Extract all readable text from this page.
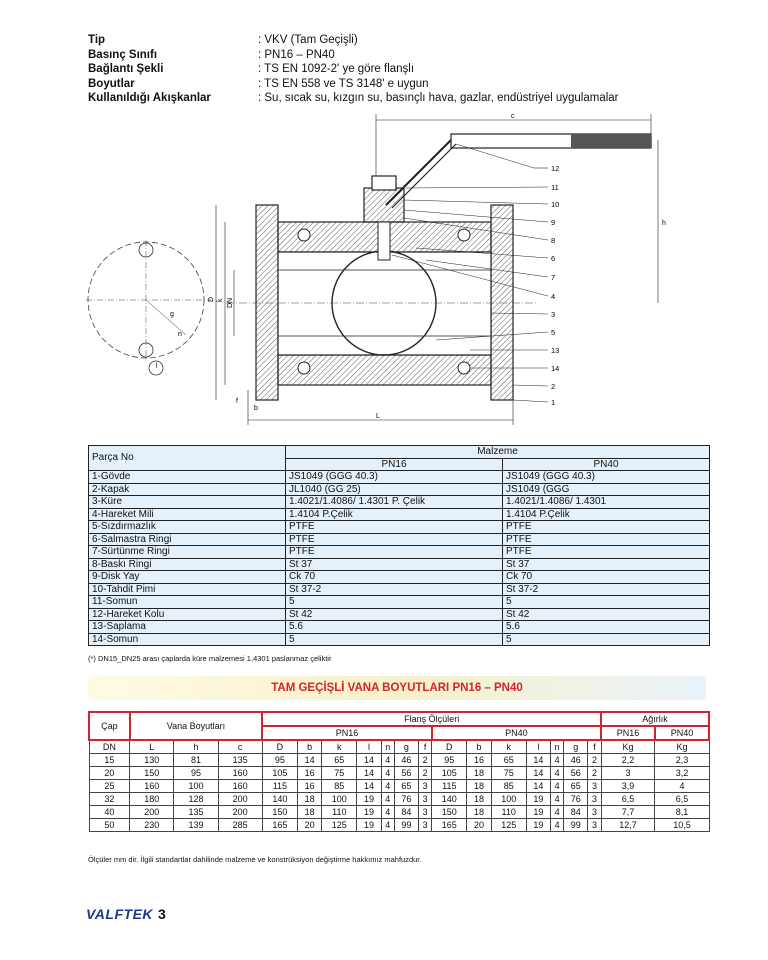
Tip	: VKV (Tam Geçişli)
Basınç Sınıfı	: PN16 – PN40
Bağlantı Şekli	: TS EN 1092-2' ye göre flanşlı
Boyutlar	: TS EN 558 ve TS 3148' e uygun
Kullanıldığı Akışkanlar	: Su, sıcak su, kızgın su, basınçlı hava, gazlar, endüstriyel uygulamalar
c
h
L
b
f
D k DN
g
l
n
12
11
10
9
8
6
7
4
3
5
13
14
2
1
Parça No	Malzeme	
	PN16	PN40
1-Gövde	JS1049 (GGG 40.3)	JS1049 (GGG 40.3)
2-Kapak	JL1040 (GG 25)	JS1049 (GGG
3-Küre	1.4021/1.4086/ 1.4301 P. Çelik	1.4021/1.4086/ 1.4301
4-Hareket Mili	1.4104 P.Çelik	1.4104 P.Çelik
5-Sızdırmazlık	PTFE	PTFE
6-Salmastra Ringi	PTFE	PTFE
7-Sürtünme Ringi	PTFE	PTFE
8-Baskı Ringi	St 37	St 37
9-Disk Yay	Ck 70	Ck 70
10-Tahdit Pimi	St 37-2	St 37-2
11-Somun	5	5
12-Hareket Kolu	St 42	St 42
13-Saplama	5.6	5.6
14-Somun	5	5
(*) DN15_DN25 arası çaplarda küre malzemesi 1,4301 paslanmaz çeliktir
TAM GEÇİŞLİ VANA BOYUTLARI PN16 – PN40
Çap	Vana Boyutları			Flanş Ölçüleri														Ağırlık	
				PN16							PN40							PN16	PN40
DN	L	h	c	D	b	k	l	n	g	f	D	b	k	l	n	g	f	Kg	Kg
15	130	81	135	95	14	65	14	4	46	2	95	16	65	14	4	46	2	2,2	2,3
20	150	95	160	105	16	75	14	4	56	2	105	18	75	14	4	56	2	3	3,2
25	160	100	160	115	16	85	14	4	65	3	115	18	85	14	4	65	3	3,9	4
32	180	128	200	140	18	100	19	4	76	3	140	18	100	19	4	76	3	6,5	6,5
40	200	135	200	150	18	110	19	4	84	3	150	18	110	19	4	84	3	7,7	8,1
50	230	139	285	165	20	125	19	4	99	3	165	20	125	19	4	99	3	12,7	10,5
Ölçüler mm dir. İlgili standartlar dahilinde malzeme ve konstrüksiyon değiştirme hakkımız mahfuzdur.
VALFTEK 3
